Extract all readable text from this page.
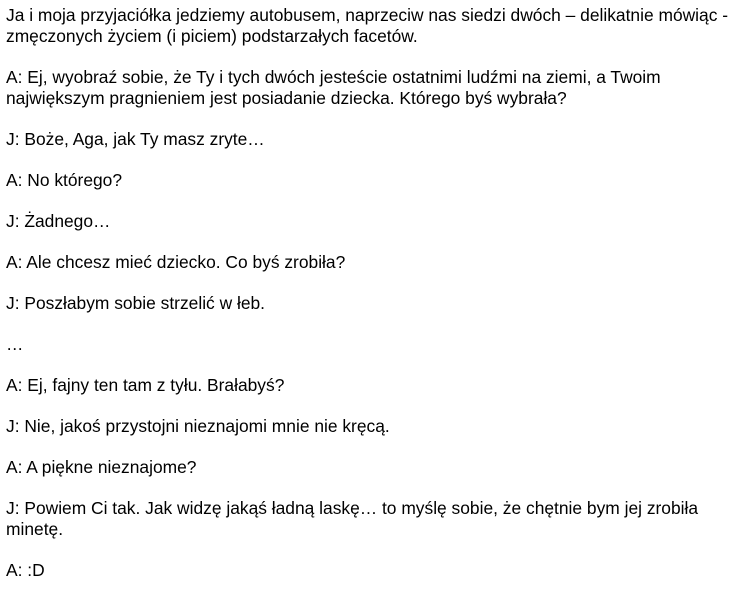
Ja i moja przyjaciółka jedziemy autobusem, naprzeciw nas siedzi dwóch – delikatnie mówiąc - zmęczonych życiem (i piciem) podstarzałych facetów.

A: Ej, wyobraź sobie, że Ty i tych dwóch jesteście ostatnimi ludźmi na ziemi, a Twoim największym pragnieniem jest posiadanie dziecka. Którego byś wybrała?

J: Boże, Aga, jak Ty masz zryte…

A: No którego?

J: Żadnego…

A: Ale chcesz mieć dziecko. Co byś zrobiła?

J: Poszłabym sobie strzelić w łeb.

…

A: Ej, fajny ten tam z tyłu. Brałabyś?

J: Nie, jakoś przystojni nieznajomi mnie nie kręcą.

A: A piękne nieznajome?

J: Powiem Ci tak. Jak widzę jakąś ładną laskę… to myślę sobie, że chętnie bym jej zrobiła minetę.

A: :D
